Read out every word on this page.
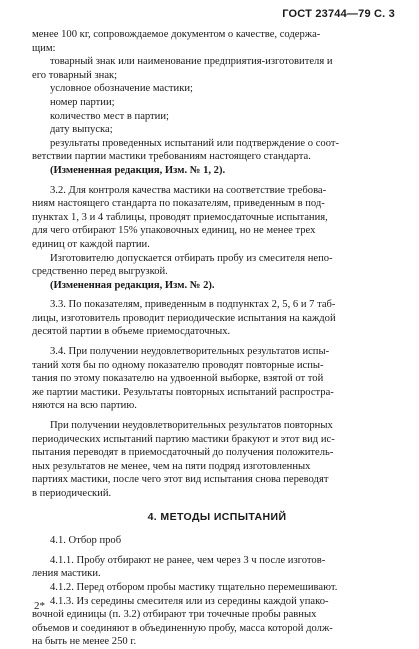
ГОСТ 23744—79 С. 3
менее 100 кг, сопровождаемое документом о качестве, содержа-
щим:
товарный знак или наименование предприятия-изготовителя и
его товарный знак;
условное обозначение мастики;
номер партии;
количество мест в партии;
дату выпуска;
результаты проведенных испытаний или подтверждение о соот-
ветствии партии мастики требованиям настоящего стандарта.
(Измененная редакция, Изм. № 1, 2).
3.2. Для контроля качества мастики на соответствие требова-
ниям настоящего стандарта по показателям, приведенным в под-
пунктах 1, 3 и 4 таблицы, проводят приемосдаточные испытания,
для чего отбирают 15% упаковочных единиц, но не менее трех
единиц от каждой партии.
Изготовителю допускается отбирать пробу из смесителя непо-
средственно перед выгрузкой.
(Измененная редакция, Изм. № 2).
3.3. По показателям, приведенным в подпунктах 2, 5, 6 и 7 таб-
лицы, изготовитель проводит периодические испытания на каждой
десятой партии в объеме приемосдаточных.
3.4. При получении неудовлетворительных результатов испы-
таний хотя бы по одному показателю проводят повторные испы-
тания по этому показателю на удвоенной выборке, взятой от той
же партии мастики. Результаты повторных испытаний распростра-
няются на всю партию.
При получении неудовлетворительных результатов повторных
периодических испытаний партию мастики бракуют и этот вид ис-
пытания переводят в приемосдаточный до получения положитель-
ных результатов не менее, чем на пяти подряд изготовленных
партиях мастики, после чего этот вид испытания снова переводят
в периодический.
4. МЕТОДЫ ИСПЫТАНИЙ
4.1. Отбор проб
4.1.1. Пробу отбирают не ранее, чем через 3 ч после изготов-
ления мастики.
4.1.2. Перед отбором пробы мастику тщательно перемешивают.
4.1.3. Из середины смесителя или из середины каждой упако-
вочной единицы (п. 3.2) отбирают три точечные пробы равных
объемов и соединяют в объединенную пробу, масса которой долж-
на быть не менее 250 г.
2*
